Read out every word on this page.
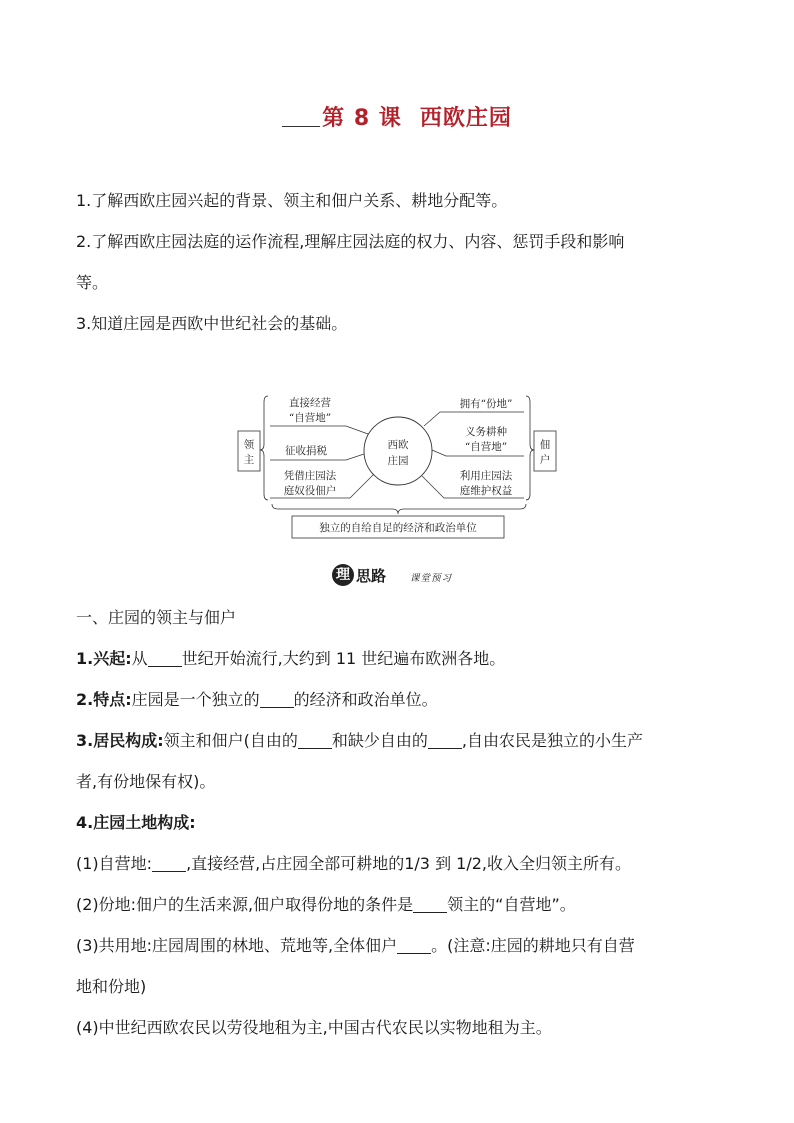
第 8 课 西欧庄园

1.了解西欧庄园兴起的背景、领主和佃户关系、耕地分配等。

2.了解西欧庄园法庭的运作流程,理解庄园法庭的权力、内容、惩罚手段和影响

等。

3.知道庄园是西欧中世纪社会的基础。

领
主
佃
户
西欧
庄园
直接经营
“自营地”
征收捐税
凭借庄园法
庭奴役佃户
拥有“份地”
义务耕种
“自营地”
利用庄园法
庭维护权益
独立的自给自足的经济和政治单位
理 思路	课堂预习

一、庄园的领主与佃户

1.兴起:从 世纪开始流行,大约到 11 世纪遍布欧洲各地。

2.特点:庄园是一个独立的 的经济和政治单位。

3.居民构成:领主和佃户(自由的 和缺少自由的 ,自由农民是独立的小生产

者,有份地保有权)。

4.庄园土地构成:

(1)自营地: ,直接经营,占庄园全部可耕地的1/3 到 1/2,收入全归领主所有。

(2)份地:佃户的生活来源,佃户取得份地的条件是 领主的“自营地”。

(3)共用地:庄园周围的林地、荒地等,全体佃户 。(注意:庄园的耕地只有自营

地和份地)

(4)中世纪西欧农民以劳役地租为主,中国古代农民以实物地租为主。
